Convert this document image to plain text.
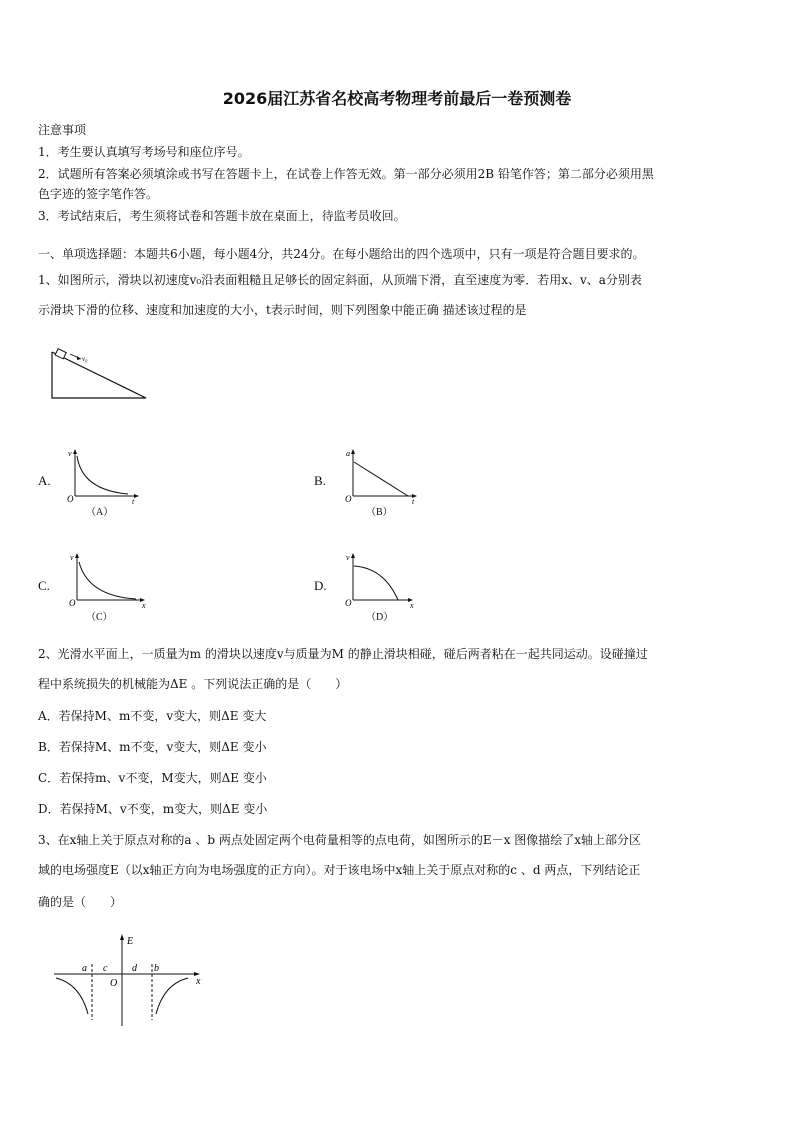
2026届江苏省名校高考物理考前最后一卷预测卷
注意事项
1．考生要认真填写考场号和座位序号。
2．试题所有答案必须填涂或书写在答题卡上，在试卷上作答无效。第一部分必须用2B 铅笔作答；第二部分必须用黑
色字迹的签字笔作答。
3．考试结束后，考生须将试卷和答题卡放在桌面上，待监考员收回。
一、单项选择题：本题共6小题，每小题4分，共24分。在每小题给出的四个选项中，只有一项是符合题目要求的。
1、如图所示，滑块以初速度v₀沿表面粗糙且足够长的固定斜面，从顶端下滑，直至速度为零．若用x、v、a分别表
示滑块下滑的位移、速度和加速度的大小，t表示时间，则下列图象中能正确 描述该过程的是
v₀
A.
v
t
O
（A）
B.
a
t
O
（B）
C.
v
x
O
（C）
D.
v
x
O
（D）
2、光滑水平面上，一质量为m 的滑块以速度v与质量为M 的静止滑块相碰，碰后两者粘在一起共同运动。设碰撞过
程中系统损失的机械能为ΔE 。下列说法正确的是（　　）
A．若保持M、m不变，v变大，则ΔE 变大
B．若保持M、m不变，v变大，则ΔE 变小
C．若保持m、v不变，M变大，则ΔE 变小
D．若保持M、v不变，m变大，则ΔE 变小
3、在x轴上关于原点对称的a 、b 两点处固定两个电荷量相等的点电荷，如图所示的E－x 图像描绘了x轴上部分区
域的电场强度E（以x轴正方向为电场强度的正方向）。对于该电场中x轴上关于原点对称的c 、d 两点，下列结论正
确的是（　　）
E
x
O
a	b
c d
